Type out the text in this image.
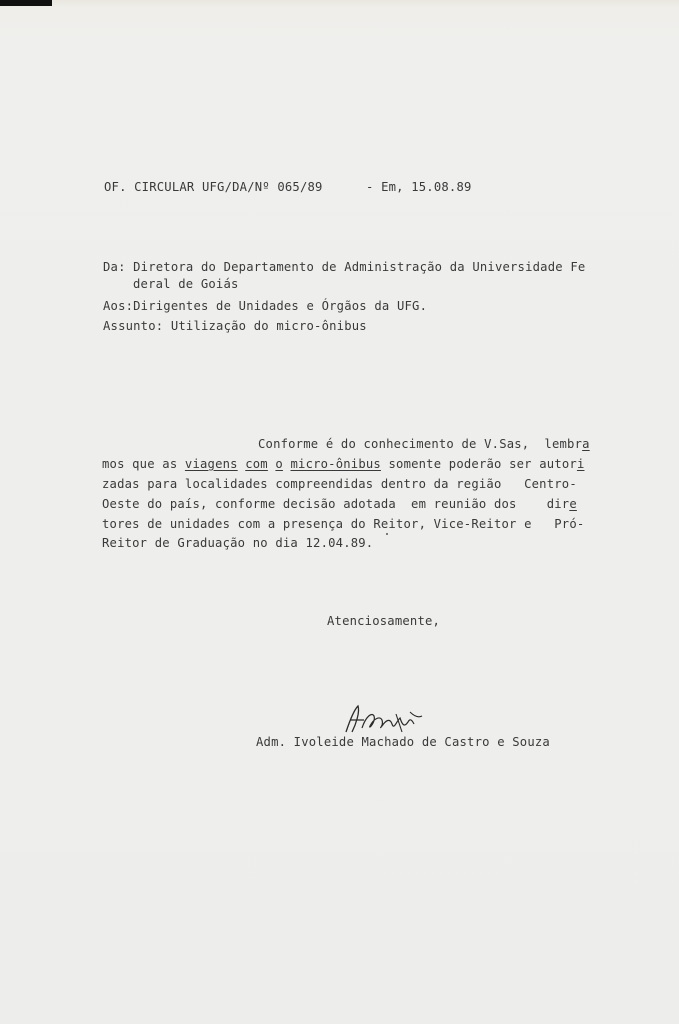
OF. CIRCULAR UFG/DA/Nº 065/89	- Em, 15.08.89
Da: Diretora do Departamento de Administração da Universidade Fe
deral de Goiás
Aos:Dirigentes de Unidades e Órgãos da UFG.
Assunto: Utilização do micro-ônibus
Conforme é do conhecimento de V.Sas,  lembra
mos que as viagens com o micro-ônibus somente poderão ser autori
zadas para localidades compreendidas dentro da região   Centro-
Oeste do país, conforme decisão adotada  em reunião dos    dire
tores de unidades com a presença do Reitor, Vice-Reitor e   Pró-
Reitor de Graduação no dia 12.04.89.
Atenciosamente,
Adm. Ivoleide Machado de Castro e Souza
